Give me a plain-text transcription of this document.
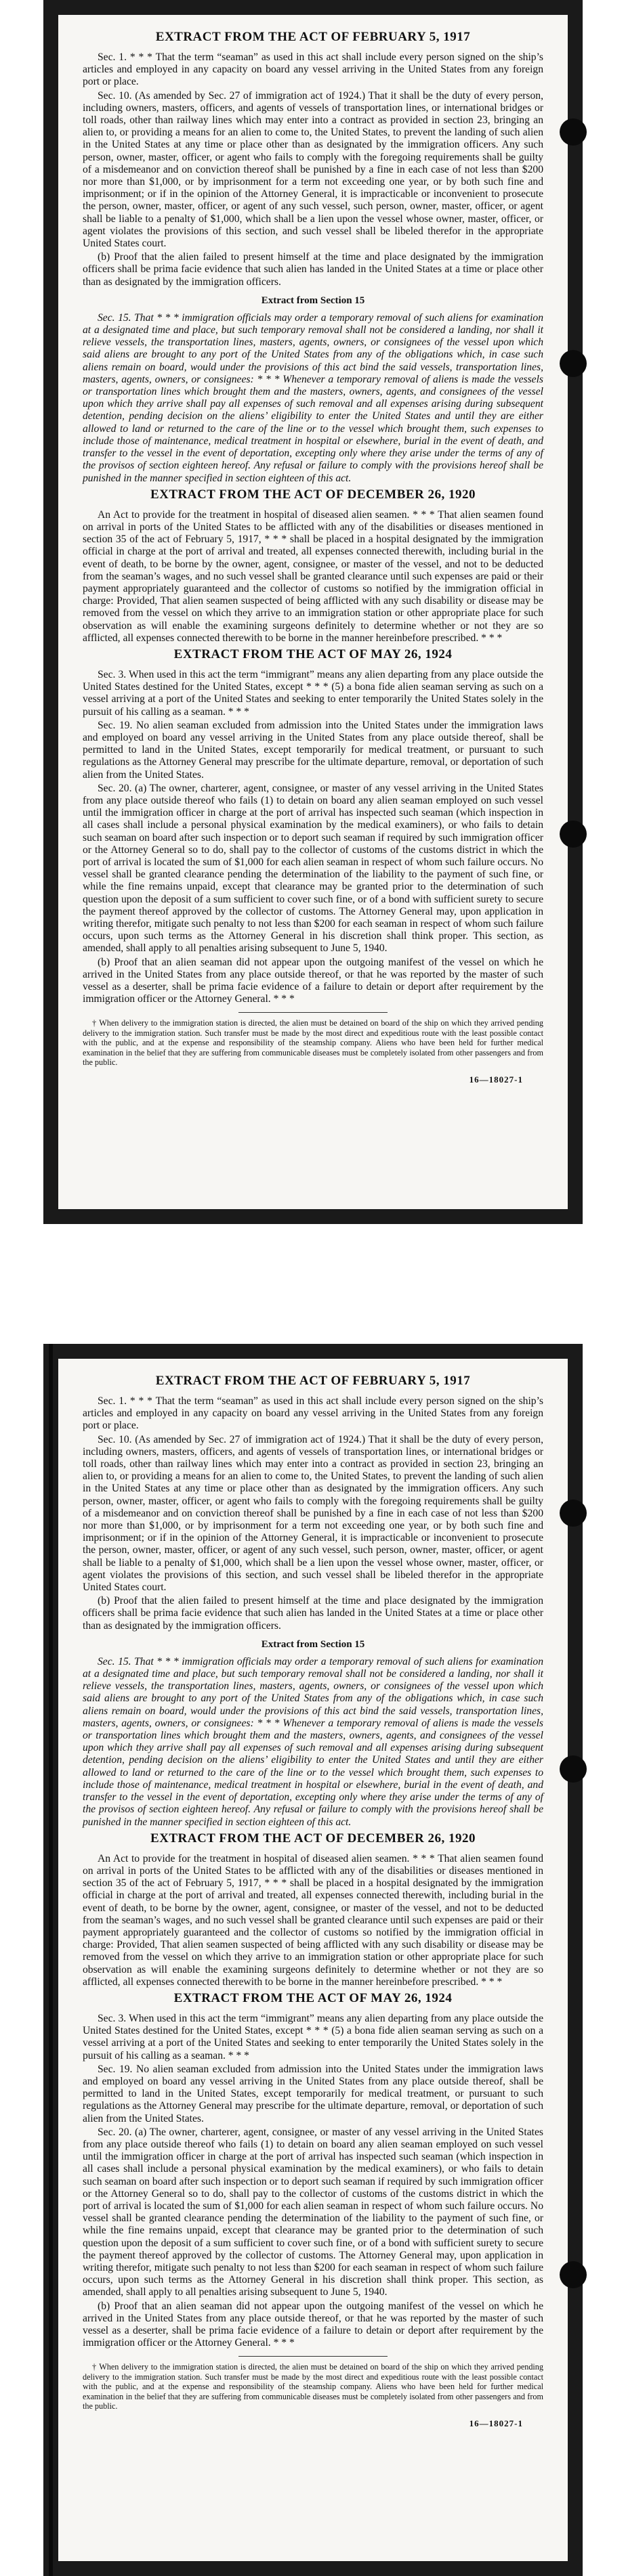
EXTRACT FROM THE ACT OF FEBRUARY 5, 1917

Sec. 1. * * * That the term “seaman” as used in this act shall include every person signed on the ship’s articles and employed in any capacity on board any vessel arriving in the United States from any foreign port or place.

Sec. 10. (As amended by Sec. 27 of immigration act of 1924.) That it shall be the duty of every person, including owners, masters, officers, and agents of vessels of transportation lines, or international bridges or toll roads, other than railway lines which may enter into a contract as provided in section 23, bringing an alien to, or providing a means for an alien to come to, the United States, to prevent the landing of such alien in the United States at any time or place other than as designated by the immigration officers. Any such person, owner, master, officer, or agent who fails to comply with the foregoing requirements shall be guilty of a misdemeanor and on conviction thereof shall be punished by a fine in each case of not less than $200 nor more than $1,000, or by imprisonment for a term not exceeding one year, or by both such fine and imprisonment; or if in the opinion of the Attorney General, it is impracticable or inconvenient to prosecute the person, owner, master, officer, or agent of any such vessel, such person, owner, master, officer, or agent shall be liable to a penalty of $1,000, which shall be a lien upon the vessel whose owner, master, officer, or agent violates the provisions of this section, and such vessel shall be libeled therefor in the appropriate United States court.

(b) Proof that the alien failed to present himself at the time and place designated by the immigration officers shall be prima facie evidence that such alien has landed in the United States at a time or place other than as designated by the immigration officers.

Extract from Section 15

Sec. 15. That * * * immigration officials may order a temporary removal of such aliens for examination at a designated time and place, but such temporary removal shall not be considered a landing, nor shall it relieve vessels, the transportation lines, masters, agents, owners, or consignees of the vessel upon which said aliens are brought to any port of the United States from any of the obligations which, in case such aliens remain on board, would under the provisions of this act bind the said vessels, transportation lines, masters, agents, owners, or consignees: * * * Whenever a temporary removal of aliens is made the vessels or transportation lines which brought them and the masters, owners, agents, and consignees of the vessel upon which they arrive shall pay all expenses of such removal and all expenses arising during subsequent detention, pending decision on the aliens’ eligibility to enter the United States and until they are either allowed to land or returned to the care of the line or to the vessel which brought them, such expenses to include those of maintenance, medical treatment in hospital or elsewhere, burial in the event of death, and transfer to the vessel in the event of deportation, excepting only where they arise under the terms of any of the provisos of section eighteen hereof. Any refusal or failure to comply with the provisions hereof shall be punished in the manner specified in section eighteen of this act.

EXTRACT FROM THE ACT OF DECEMBER 26, 1920

An Act to provide for the treatment in hospital of diseased alien seamen. * * * That alien seamen found on arrival in ports of the United States to be afflicted with any of the disabilities or diseases mentioned in section 35 of the act of February 5, 1917, * * * shall be placed in a hospital designated by the immigration official in charge at the port of arrival and treated, all expenses connected therewith, including burial in the event of death, to be borne by the owner, agent, consignee, or master of the vessel, and not to be deducted from the seaman’s wages, and no such vessel shall be granted clearance until such expenses are paid or their payment appropriately guaranteed and the collector of customs so notified by the immigration official in charge: Provided, That alien seamen suspected of being afflicted with any such disability or disease may be removed from the vessel on which they arrive to an immigration station or other appropriate place for such observation as will enable the examining surgeons definitely to determine whether or not they are so afflicted, all expenses connected therewith to be borne in the manner hereinbefore prescribed. * * *

EXTRACT FROM THE ACT OF MAY 26, 1924

Sec. 3. When used in this act the term “immigrant” means any alien departing from any place outside the United States destined for the United States, except * * * (5) a bona fide alien seaman serving as such on a vessel arriving at a port of the United States and seeking to enter temporarily the United States solely in the pursuit of his calling as a seaman. * * *

Sec. 19. No alien seaman excluded from admission into the United States under the immigration laws and employed on board any vessel arriving in the United States from any place outside thereof, shall be permitted to land in the United States, except temporarily for medical treatment, or pursuant to such regulations as the Attorney General may prescribe for the ultimate departure, removal, or deportation of such alien from the United States.

Sec. 20. (a) The owner, charterer, agent, consignee, or master of any vessel arriving in the United States from any place outside thereof who fails (1) to detain on board any alien seaman employed on such vessel until the immigration officer in charge at the port of arrival has inspected such seaman (which inspection in all cases shall include a personal physical examination by the medical examiners), or who fails to detain such seaman on board after such inspection or to deport such seaman if required by such immigration officer or the Attorney General so to do, shall pay to the collector of customs of the customs district in which the port of arrival is located the sum of $1,000 for each alien seaman in respect of whom such failure occurs. No vessel shall be granted clearance pending the determination of the liability to the payment of such fine, or while the fine remains unpaid, except that clearance may be granted prior to the determination of such question upon the deposit of a sum sufficient to cover such fine, or of a bond with sufficient surety to secure the payment thereof approved by the collector of customs. The Attorney General may, upon application in writing therefor, mitigate such penalty to not less than $200 for each seaman in respect of whom such failure occurs, upon such terms as the Attorney General in his discretion shall think proper. This section, as amended, shall apply to all penalties arising subsequent to June 5, 1940.

(b) Proof that an alien seaman did not appear upon the outgoing manifest of the vessel on which he arrived in the United States from any place outside thereof, or that he was reported by the master of such vessel as a deserter, shall be prima facie evidence of a failure to detain or deport after requirement by the immigration officer or the Attorney General. * * *

† When delivery to the immigration station is directed, the alien must be detained on board of the ship on which they arrived pending delivery to the immigration station. Such transfer must be made by the most direct and expeditious route with the least possible contact with the public, and at the expense and responsibility of the steamship company. Aliens who have been held for further medical examination in the belief that they are suffering from communicable diseases must be completely isolated from other passengers and from the public.

16—18027-1
EXTRACT FROM THE ACT OF FEBRUARY 5, 1917

Sec. 1. * * * That the term “seaman” as used in this act shall include every person signed on the ship’s articles and employed in any capacity on board any vessel arriving in the United States from any foreign port or place.

Sec. 10. (As amended by Sec. 27 of immigration act of 1924.) That it shall be the duty of every person, including owners, masters, officers, and agents of vessels of transportation lines, or international bridges or toll roads, other than railway lines which may enter into a contract as provided in section 23, bringing an alien to, or providing a means for an alien to come to, the United States, to prevent the landing of such alien in the United States at any time or place other than as designated by the immigration officers. Any such person, owner, master, officer, or agent who fails to comply with the foregoing requirements shall be guilty of a misdemeanor and on conviction thereof shall be punished by a fine in each case of not less than $200 nor more than $1,000, or by imprisonment for a term not exceeding one year, or by both such fine and imprisonment; or if in the opinion of the Attorney General, it is impracticable or inconvenient to prosecute the person, owner, master, officer, or agent of any such vessel, such person, owner, master, officer, or agent shall be liable to a penalty of $1,000, which shall be a lien upon the vessel whose owner, master, officer, or agent violates the provisions of this section, and such vessel shall be libeled therefor in the appropriate United States court.

(b) Proof that the alien failed to present himself at the time and place designated by the immigration officers shall be prima facie evidence that such alien has landed in the United States at a time or place other than as designated by the immigration officers.

Extract from Section 15

Sec. 15. That * * * immigration officials may order a temporary removal of such aliens for examination at a designated time and place, but such temporary removal shall not be considered a landing, nor shall it relieve vessels, the transportation lines, masters, agents, owners, or consignees of the vessel upon which said aliens are brought to any port of the United States from any of the obligations which, in case such aliens remain on board, would under the provisions of this act bind the said vessels, transportation lines, masters, agents, owners, or consignees: * * * Whenever a temporary removal of aliens is made the vessels or transportation lines which brought them and the masters, owners, agents, and consignees of the vessel upon which they arrive shall pay all expenses of such removal and all expenses arising during subsequent detention, pending decision on the aliens’ eligibility to enter the United States and until they are either allowed to land or returned to the care of the line or to the vessel which brought them, such expenses to include those of maintenance, medical treatment in hospital or elsewhere, burial in the event of death, and transfer to the vessel in the event of deportation, excepting only where they arise under the terms of any of the provisos of section eighteen hereof. Any refusal or failure to comply with the provisions hereof shall be punished in the manner specified in section eighteen of this act.

EXTRACT FROM THE ACT OF DECEMBER 26, 1920

An Act to provide for the treatment in hospital of diseased alien seamen. * * * That alien seamen found on arrival in ports of the United States to be afflicted with any of the disabilities or diseases mentioned in section 35 of the act of February 5, 1917, * * * shall be placed in a hospital designated by the immigration official in charge at the port of arrival and treated, all expenses connected therewith, including burial in the event of death, to be borne by the owner, agent, consignee, or master of the vessel, and not to be deducted from the seaman’s wages, and no such vessel shall be granted clearance until such expenses are paid or their payment appropriately guaranteed and the collector of customs so notified by the immigration official in charge: Provided, That alien seamen suspected of being afflicted with any such disability or disease may be removed from the vessel on which they arrive to an immigration station or other appropriate place for such observation as will enable the examining surgeons definitely to determine whether or not they are so afflicted, all expenses connected therewith to be borne in the manner hereinbefore prescribed. * * *

EXTRACT FROM THE ACT OF MAY 26, 1924

Sec. 3. When used in this act the term “immigrant” means any alien departing from any place outside the United States destined for the United States, except * * * (5) a bona fide alien seaman serving as such on a vessel arriving at a port of the United States and seeking to enter temporarily the United States solely in the pursuit of his calling as a seaman. * * *

Sec. 19. No alien seaman excluded from admission into the United States under the immigration laws and employed on board any vessel arriving in the United States from any place outside thereof, shall be permitted to land in the United States, except temporarily for medical treatment, or pursuant to such regulations as the Attorney General may prescribe for the ultimate departure, removal, or deportation of such alien from the United States.

Sec. 20. (a) The owner, charterer, agent, consignee, or master of any vessel arriving in the United States from any place outside thereof who fails (1) to detain on board any alien seaman employed on such vessel until the immigration officer in charge at the port of arrival has inspected such seaman (which inspection in all cases shall include a personal physical examination by the medical examiners), or who fails to detain such seaman on board after such inspection or to deport such seaman if required by such immigration officer or the Attorney General so to do, shall pay to the collector of customs of the customs district in which the port of arrival is located the sum of $1,000 for each alien seaman in respect of whom such failure occurs. No vessel shall be granted clearance pending the determination of the liability to the payment of such fine, or while the fine remains unpaid, except that clearance may be granted prior to the determination of such question upon the deposit of a sum sufficient to cover such fine, or of a bond with sufficient surety to secure the payment thereof approved by the collector of customs. The Attorney General may, upon application in writing therefor, mitigate such penalty to not less than $200 for each seaman in respect of whom such failure occurs, upon such terms as the Attorney General in his discretion shall think proper. This section, as amended, shall apply to all penalties arising subsequent to June 5, 1940.

(b) Proof that an alien seaman did not appear upon the outgoing manifest of the vessel on which he arrived in the United States from any place outside thereof, or that he was reported by the master of such vessel as a deserter, shall be prima facie evidence of a failure to detain or deport after requirement by the immigration officer or the Attorney General. * * *

† When delivery to the immigration station is directed, the alien must be detained on board of the ship on which they arrived pending delivery to the immigration station. Such transfer must be made by the most direct and expeditious route with the least possible contact with the public, and at the expense and responsibility of the steamship company. Aliens who have been held for further medical examination in the belief that they are suffering from communicable diseases must be completely isolated from other passengers and from the public.

16—18027-1
